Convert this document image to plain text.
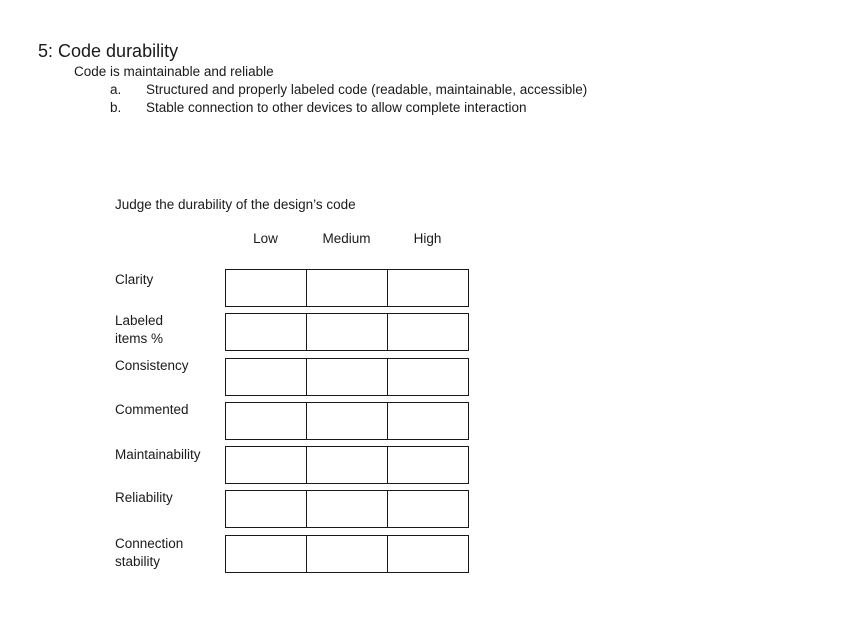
5: Code durability
Code is maintainable and reliable
a. Structured and properly labeled code (readable, maintainable, accessible)
b. Stable connection to other devices to allow complete interaction
Judge the durability of the design’s code
Low	Medium	High
Clarity
Labeled items %
Consistency
Commented
Maintainability
Reliability
Connection stability
